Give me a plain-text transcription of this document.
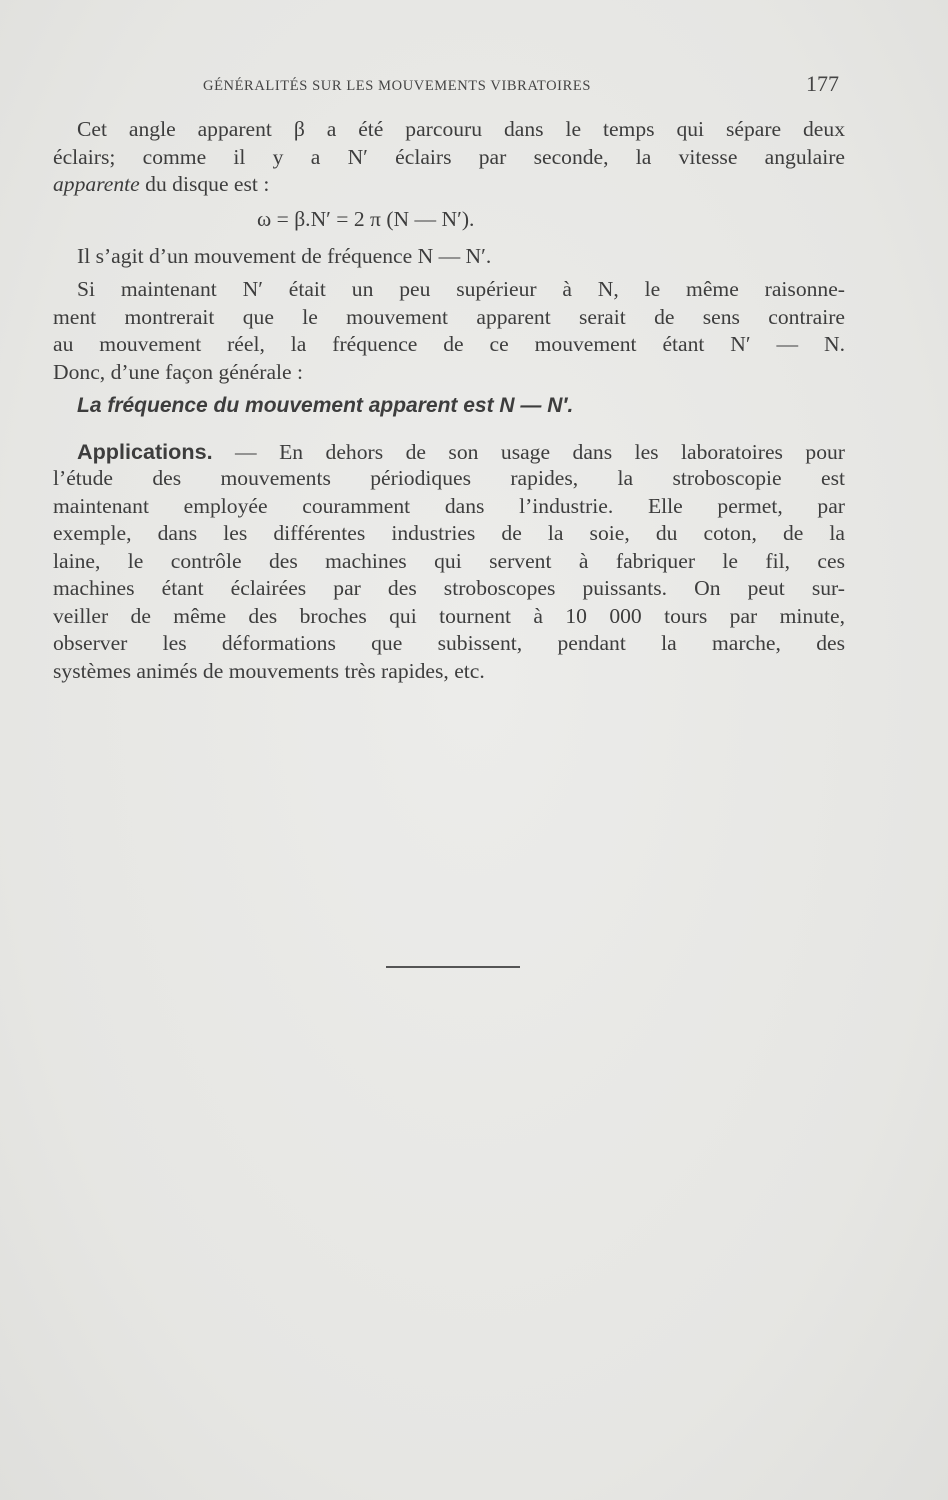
GÉNÉRALITÉS SUR LES MOUVEMENTS VIBRATOIRES	177
Cet angle apparent β a été parcouru dans le temps qui sépare deux
éclairs; comme il y a N′ éclairs par seconde, la vitesse angulaire
apparente du disque est :
ω = β.N′ = 2 π (N — N′).
Il s’agit d’un mouvement de fréquence N — N′.
Si maintenant N′ était un peu supérieur à N, le même raisonne-
ment montrerait que le mouvement apparent serait de sens contraire
au mouvement réel, la fréquence de ce mouvement étant N′ — N.
Donc, d’une façon générale :
La fréquence du mouvement apparent est N — N′.
Applications. — En dehors de son usage dans les laboratoires pour
l’étude des mouvements périodiques rapides, la stroboscopie est
maintenant employée couramment dans l’industrie. Elle permet, par
exemple, dans les différentes industries de la soie, du coton, de la
laine, le contrôle des machines qui servent à fabriquer le fil, ces
machines étant éclairées par des stroboscopes puissants. On peut sur-
veiller de même des broches qui tournent à 10 000 tours par minute,
observer les déformations que subissent, pendant la marche, des
systèmes animés de mouvements très rapides, etc.
